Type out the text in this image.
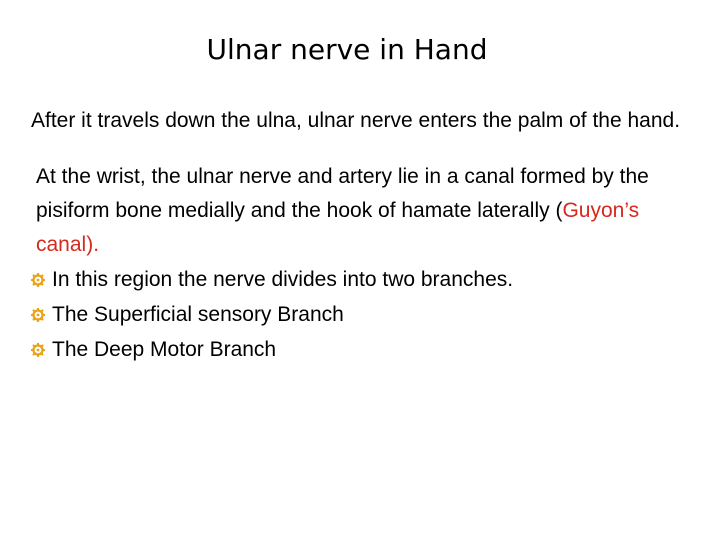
Ulnar nerve in Hand

After it travels down the ulna, ulnar nerve enters the palm of the hand.

At the wrist, the ulnar nerve and artery lie in a canal formed by the pisiform bone medially and the hook of hamate laterally (Guyon’s canal).

In this region the nerve divides into two branches.
The Superficial sensory Branch
The Deep Motor Branch
